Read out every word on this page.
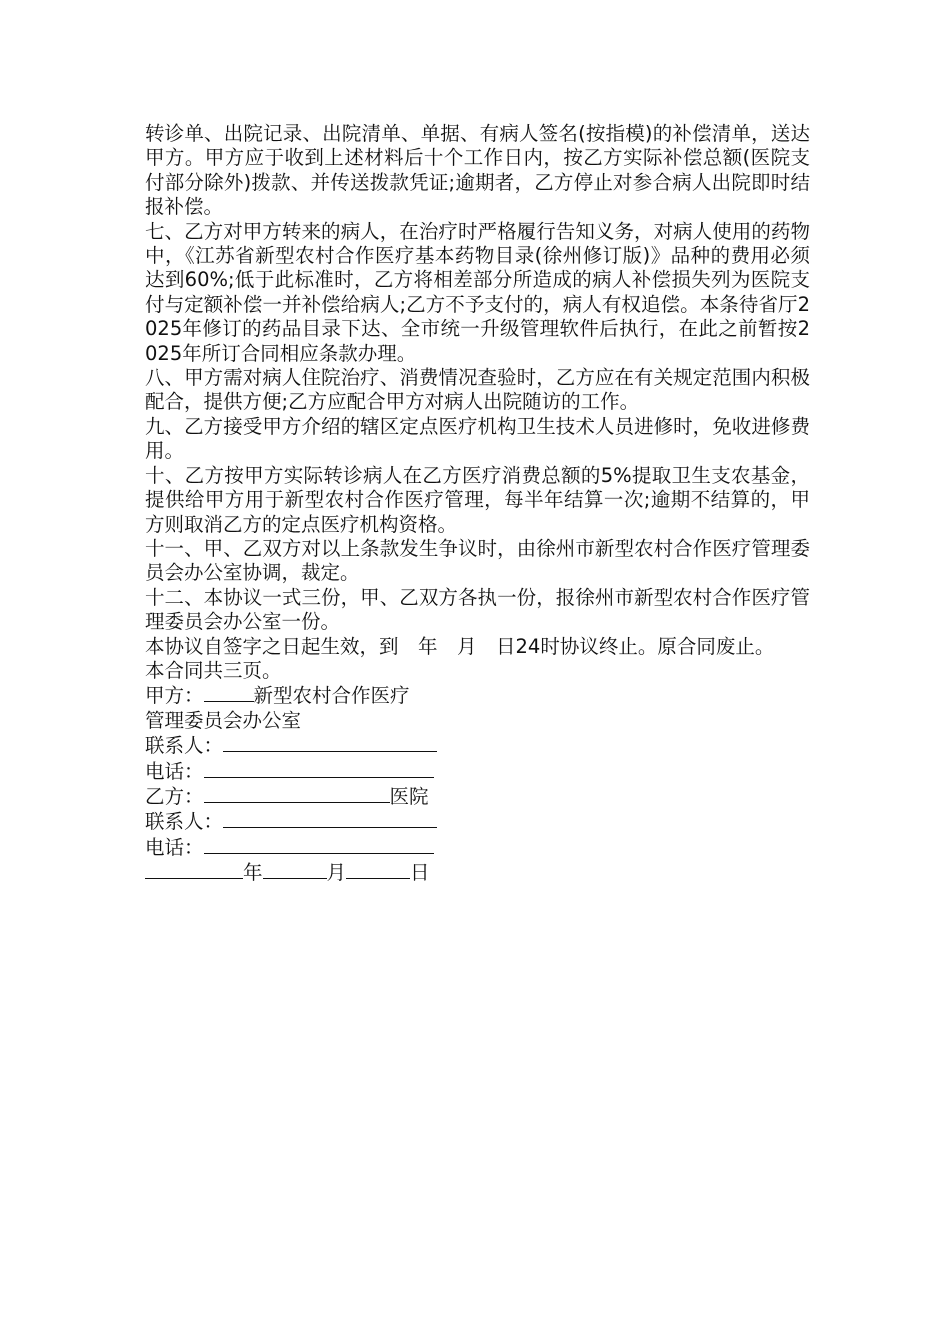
转诊单、出院记录、出院清单、单据、有病人签名(按指模)的补偿清单，送达甲方。甲方应于收到上述材料后十个工作日内，按乙方实际补偿总额(医院支付部分除外)拨款、并传送拨款凭证;逾期者，乙方停止对参合病人出院即时结报补偿。

七、乙方对甲方转来的病人，在治疗时严格履行告知义务，对病人使用的药物中，《江苏省新型农村合作医疗基本药物目录(徐州修订版)》品种的费用必须达到60%;低于此标准时，乙方将相差部分所造成的病人补偿损失列为医院支付与定额补偿一并补偿给病人;乙方不予支付的，病人有权追偿。本条待省厅2025年修订的药品目录下达、全市统一升级管理软件后执行，在此之前暂按2025年所订合同相应条款办理。

八、甲方需对病人住院治疗、消费情况查验时，乙方应在有关规定范围内积极配合，提供方便;乙方应配合甲方对病人出院随访的工作。

九、乙方接受甲方介绍的辖区定点医疗机构卫生技术人员进修时，免收进修费用。

十、乙方按甲方实际转诊病人在乙方医疗消费总额的5%提取卫生支农基金，提供给甲方用于新型农村合作医疗管理，每半年结算一次;逾期不结算的，甲方则取消乙方的定点医疗机构资格。

十一、甲、乙双方对以上条款发生争议时，由徐州市新型农村合作医疗管理委员会办公室协调，裁定。

十二、本协议一式三份，甲、乙双方各执一份，报徐州市新型农村合作医疗管理委员会办公室一份。

本协议自签字之日起生效，到　年　月　日24时协议终止。原合同废止。

本合同共三页。

甲方：	新型农村合作医疗
管理委员会办公室
联系人：
电话：
乙方：	医院
联系人：
电话：
年	月	日
